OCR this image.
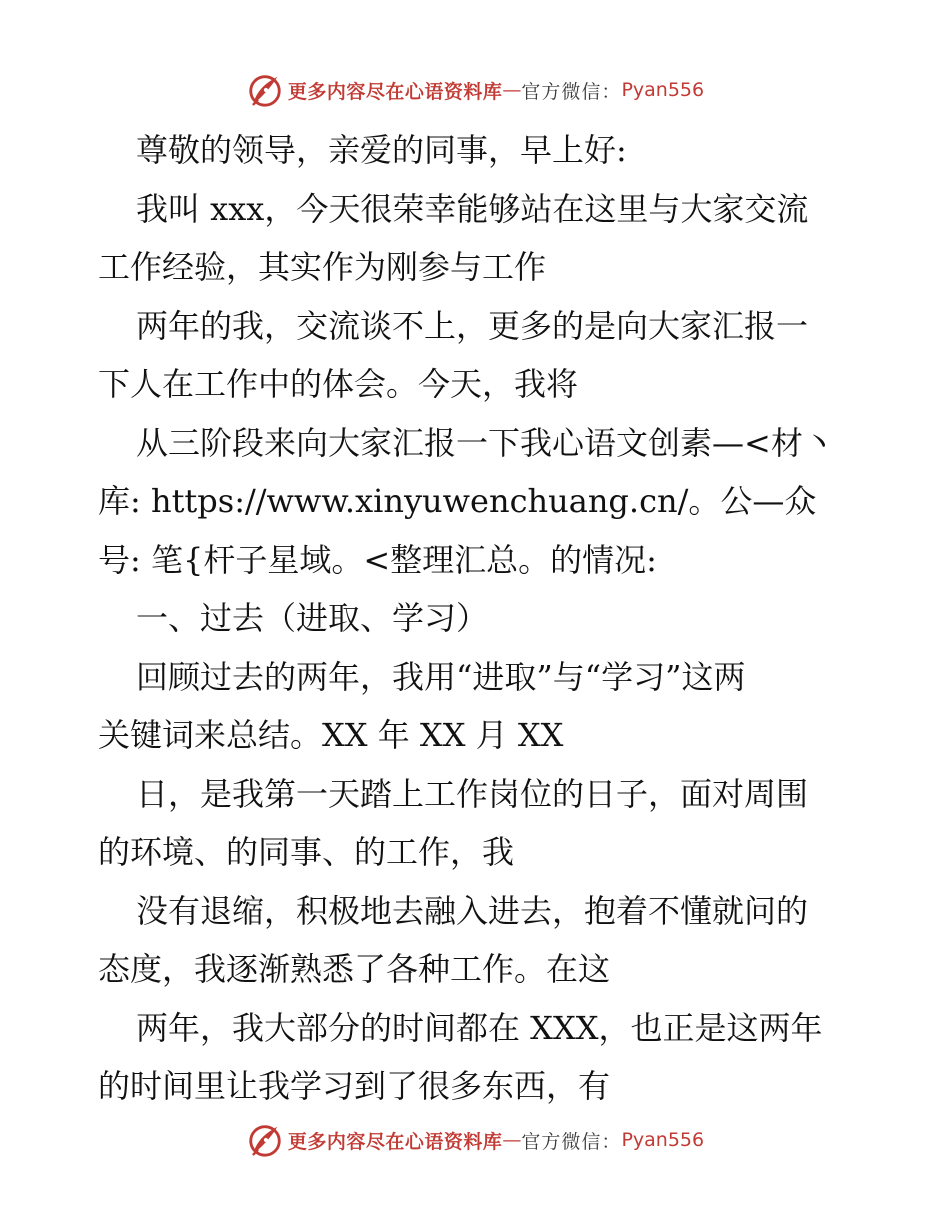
更多内容尽在心语资料库 — 官方微信： Pyan556
尊敬的领导，亲爱的同事，早上好:
我叫 xxx，今天很荣幸能够站在这里与大家交流
工作经验，其实作为刚参与工作
两年的我，交流谈不上，更多的是向大家汇报一
下人在工作中的体会。今天，我将
从三阶段来向大家汇报一下我心语文创素—<材丶
库: https://www.xinyuwenchuang.cn/。公—众
号: 笔{杆子星域。<整理汇总。的情况:
一、过去（进取、学习）
回顾过去的两年，我用“进取”与“学习”这两
关键词来总结。XX 年 XX 月 XX
日，是我第一天踏上工作岗位的日子，面对周围
的环境、的同事、的工作，我
没有退缩，积极地去融入进去，抱着不懂就问的
态度，我逐渐熟悉了各种工作。在这
两年，我大部分的时间都在 XXX，也正是这两年
的时间里让我学习到了很多东西，有
更多内容尽在心语资料库 — 官方微信： Pyan556
